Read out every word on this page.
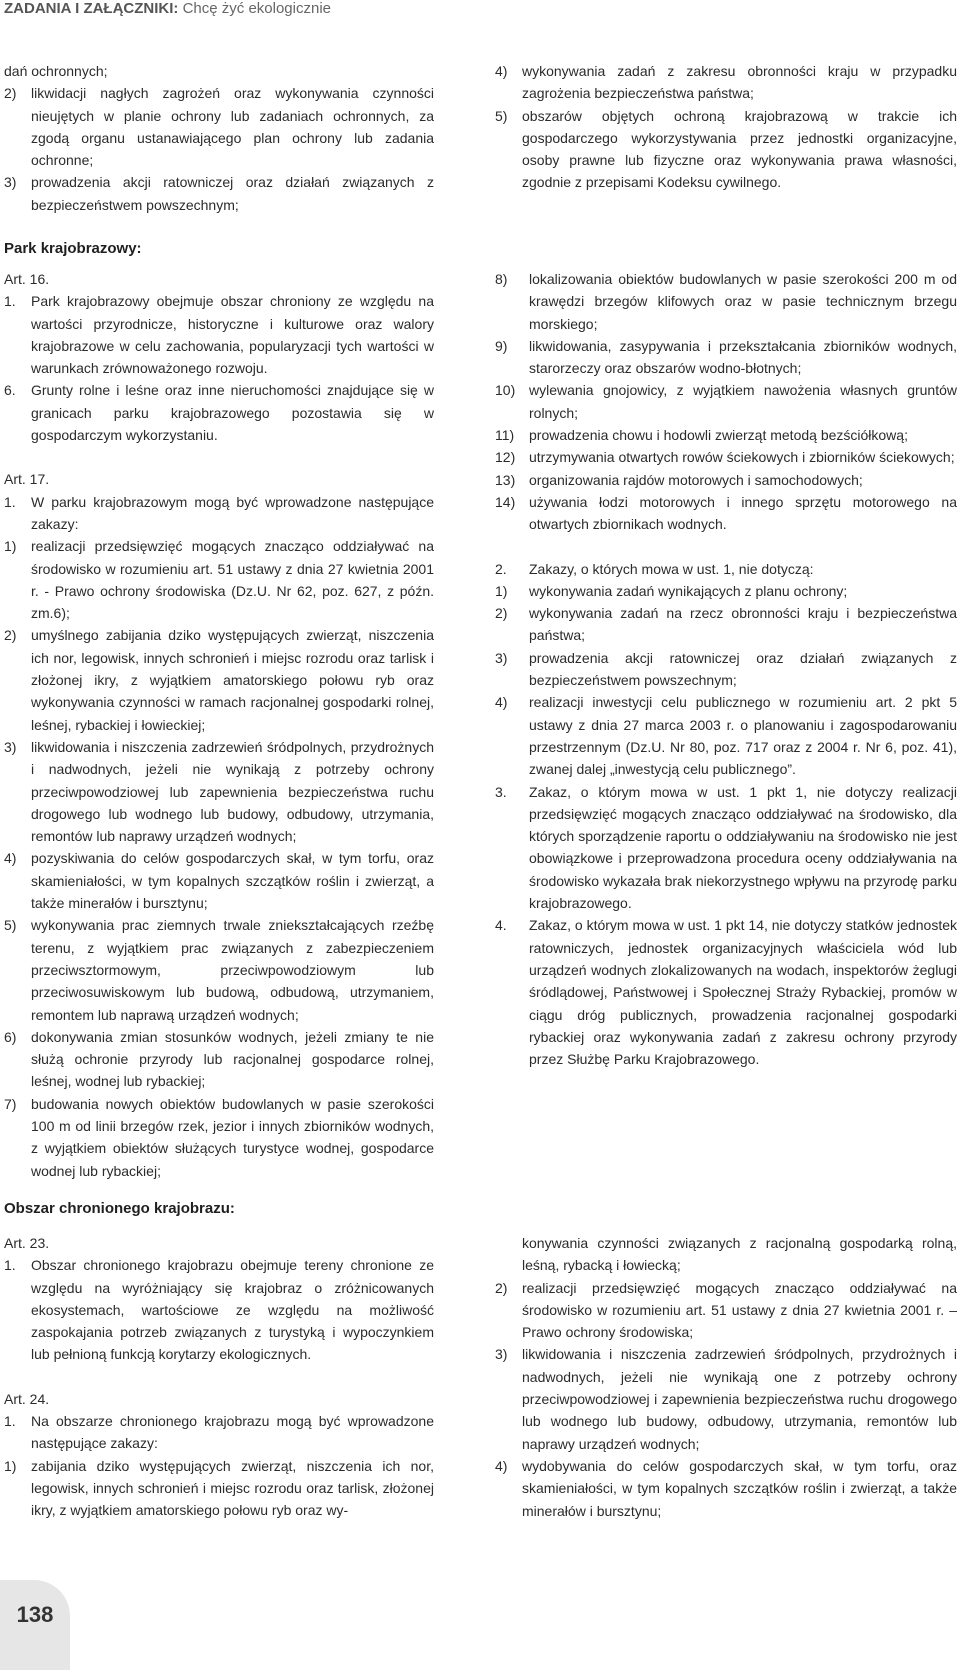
ZADANIA I ZAŁĄCZNIKI: Chcę żyć ekologicznie
dań ochronnych;
2)	likwidacji nagłych zagrożeń oraz wykonywania czynności nieujętych w planie ochrony lub zadaniach ochronnych, za zgodą organu ustanawiającego plan ochrony lub zadania ochronne;
3)	prowadzenia akcji ratowniczej oraz działań związanych z bezpieczeństwem powszechnym;
4)	wykonywania zadań z zakresu obronności kraju w przypadku zagrożenia bezpieczeństwa państwa;
5)	obszarów objętych ochroną krajobrazową w trakcie ich gospodarczego wykorzystywania przez jednostki organizacyjne, osoby prawne lub fizyczne oraz wykonywania prawa własności, zgodnie z przepisami Kodeksu cywilnego.
Park krajobrazowy:
Art. 16.
1.	Park krajobrazowy obejmuje obszar chroniony ze względu na wartości przyrodnicze, historyczne i kulturowe oraz walory krajobrazowe w celu zachowania, popularyzacji tych wartości w warunkach zrównoważonego rozwoju.
6.	Grunty rolne i leśne oraz inne nieruchomości znajdujące się w granicach parku krajobrazowego pozostawia się w gospodarczym wykorzystaniu.
Art. 17.
1.	W parku krajobrazowym mogą być wprowadzone następujące zakazy:
1)	realizacji przedsięwzięć mogących znacząco oddziaływać na środowisko w rozumieniu art. 51 ustawy z dnia 27 kwietnia 2001 r. - Prawo ochrony środowiska (Dz.U. Nr 62, poz. 627, z późn. zm.6);
2)	umyślnego zabijania dziko występujących zwierząt, niszczenia ich nor, legowisk, innych schronień i miejsc rozrodu oraz tarlisk i złożonej ikry, z wyjątkiem amatorskiego połowu ryb oraz wykonywania czynności w ramach racjonalnej gospodarki rolnej, leśnej, rybackiej i łowieckiej;
3)	likwidowania i niszczenia zadrzewień śródpolnych, przydrożnych i nadwodnych, jeżeli nie wynikają z potrzeby ochrony przeciwpowodziowej lub zapewnienia bezpieczeństwa ruchu drogowego lub wodnego lub budowy, odbudowy, utrzymania, remontów lub naprawy urządzeń wodnych;
4)	pozyskiwania do celów gospodarczych skał, w tym torfu, oraz skamieniałości, w tym kopalnych szczątków roślin i zwierząt, a także minerałów i bursztynu;
5)	wykonywania prac ziemnych trwale zniekształcających rzeźbę terenu, z wyjątkiem prac związanych z zabezpieczeniem przeciwsztormowym, przeciwpowodziowym lub przeciwosuwiskowym lub budową, odbudową, utrzymaniem, remontem lub naprawą urządzeń wodnych;
6)	dokonywania zmian stosunków wodnych, jeżeli zmiany te nie służą ochronie przyrody lub racjonalnej gospodarce rolnej, leśnej, wodnej lub rybackiej;
7)	budowania nowych obiektów budowlanych w pasie szerokości 100 m od linii brzegów rzek, jezior i innych zbiorników wodnych, z wyjątkiem obiektów służących turystyce wodnej, gospodarce wodnej lub rybackiej;
8)	lokalizowania obiektów budowlanych w pasie szerokości 200 m od krawędzi brzegów klifowych oraz w pasie technicznym brzegu morskiego;
9)	likwidowania, zasypywania i przekształcania zbiorników wodnych, starorzeczy oraz obszarów wodno-błotnych;
10) wylewania gnojowicy, z wyjątkiem nawożenia własnych gruntów rolnych;
11)	prowadzenia chowu i hodowli zwierząt metodą bezściółkową;
12) utrzymywania otwartych rowów ściekowych i zbiorników ściekowych;
13) organizowania rajdów motorowych i samochodowych;
14) używania łodzi motorowych i innego sprzętu motorowego na otwartych zbiornikach wodnych.
2.	Zakazy, o których mowa w ust. 1, nie dotyczą:
1)	wykonywania zadań wynikających z planu ochrony;
2)	wykonywania zadań na rzecz obronności kraju i bezpieczeństwa państwa;
3)	prowadzenia akcji ratowniczej oraz działań związanych z bezpieczeństwem powszechnym;
4)	realizacji inwestycji celu publicznego w rozumieniu art. 2 pkt 5 ustawy z dnia 27 marca 2003 r. o planowaniu i zagospodarowaniu przestrzennym (Dz.U. Nr 80, poz. 717 oraz z 2004 r. Nr 6, poz. 41), zwanej dalej „inwestycją celu publicznego”.
3.	Zakaz, o którym mowa w ust. 1 pkt 1, nie dotyczy realizacji przedsięwzięć mogących znacząco oddziaływać na środowisko, dla których sporządzenie raportu o oddziaływaniu na środowisko nie jest obowiązkowe i przeprowadzona procedura oceny oddziaływania na środowisko wykazała brak niekorzystnego wpływu na przyrodę parku krajobrazowego.
4.	Zakaz, o którym mowa w ust. 1 pkt 14, nie dotyczy statków jednostek ratowniczych, jednostek organizacyjnych właściciela wód lub urządzeń wodnych zlokalizowanych na wodach, inspektorów żeglugi śródlądowej, Państwowej i Społecznej Straży Rybackiej, promów w ciągu dróg publicznych, prowadzenia racjonalnej gospodarki rybackiej oraz wykonywania zadań z zakresu ochrony przyrody przez Służbę Parku Krajobrazowego.
Obszar chronionego krajobrazu:
Art. 23.
1.	Obszar chronionego krajobrazu obejmuje tereny chronione ze względu na wyróżniający się krajobraz o zróżnicowanych ekosystemach, wartościowe ze względu na możliwość zaspokajania potrzeb związanych z turystyką i wypoczynkiem lub pełnioną funkcją korytarzy ekologicznych.
Art. 24.
1.	Na obszarze chronionego krajobrazu mogą być wprowadzone następujące zakazy:
1)	zabijania dziko występujących zwierząt, niszczenia ich nor, legowisk, innych schronień i miejsc rozrodu oraz tarlisk, złożonej ikry, z wyjątkiem amatorskiego połowu ryb oraz wy-
konywania czynności związanych z racjonalną gospodarką rolną, leśną, rybacką i łowiecką;
2)	realizacji przedsięwzięć mogących znacząco oddziaływać na środowisko w rozumieniu art. 51 ustawy z dnia 27 kwietnia 2001 r. – Prawo ochrony środowiska;
3)	likwidowania i niszczenia zadrzewień śródpolnych, przydrożnych i nadwodnych, jeżeli nie wynikają one z potrzeby ochrony przeciwpowodziowej i zapewnienia bezpieczeństwa ruchu drogowego lub wodnego lub budowy, odbudowy, utrzymania, remontów lub naprawy urządzeń wodnych;
4)	wydobywania do celów gospodarczych skał, w tym torfu, oraz skamieniałości, w tym kopalnych szczątków roślin i zwierząt, a także minerałów i bursztynu;
138
